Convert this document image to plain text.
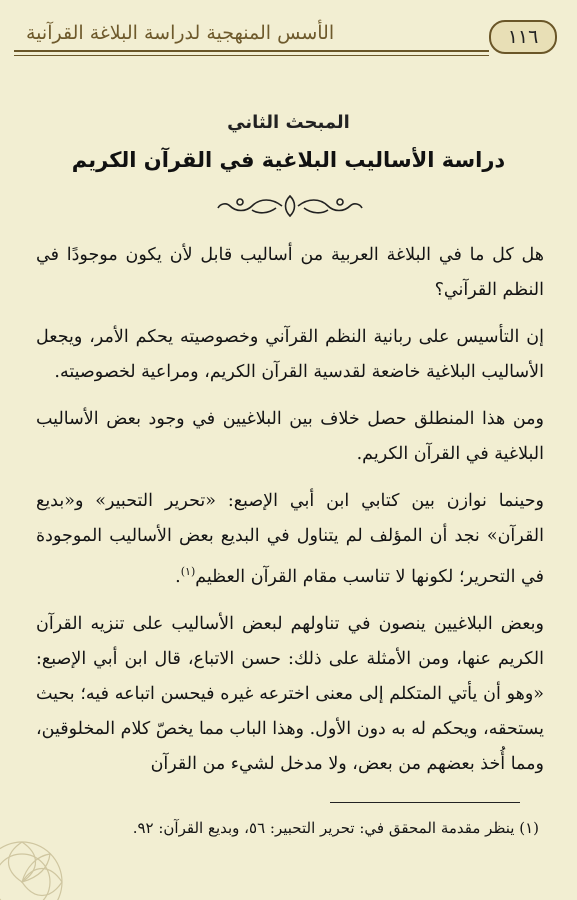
الأسس المنهجية لدراسة البلاغة القرآنية	١١٦
المبحث الثاني
دراسة الأساليب البلاغية في القرآن الكريم

هل كل ما في البلاغة العربية من أساليب قابل لأن يكون موجودًا في النظم القرآني؟

إن التأسيس على ربانية النظم القرآني وخصوصيته يحكم الأمر، ويجعل الأساليب البلاغية خاضعة لقدسية القرآن الكريم، ومراعية لخصوصيته.

ومن هذا المنطلق حصل خلاف بين البلاغيين في وجود بعض الأساليب البلاغية في القرآن الكريم.

وحينما نوازن بين كتابي ابن أبي الإصبع: «تحرير التحبير» و«بديع القرآن» نجد أن المؤلف لم يتناول في البديع بعض الأساليب الموجودة في التحرير؛ لكونها لا تناسب مقام القرآن العظيم$^{(١)}$.

وبعض البلاغيين ينصون في تناولهم لبعض الأساليب على تنزيه القرآن الكريم عنها، ومن الأمثلة على ذلك: حسن الاتباع، قال ابن أبي الإصبع: «وهو أن يأتي المتكلم إلى معنى اخترعه غيره فيحسن اتباعه فيه؛ بحيث يستحقه، ويحكم له به دون الأول. وهذا الباب مما يخصّ كلام المخلوقين، ومما أُخذ بعضهم من بعض، ولا مدخل لشيء من القرآن

(١) ينظر مقدمة المحقق في: تحرير التحبير: ٥٦، وبديع القرآن: ٩٢.
